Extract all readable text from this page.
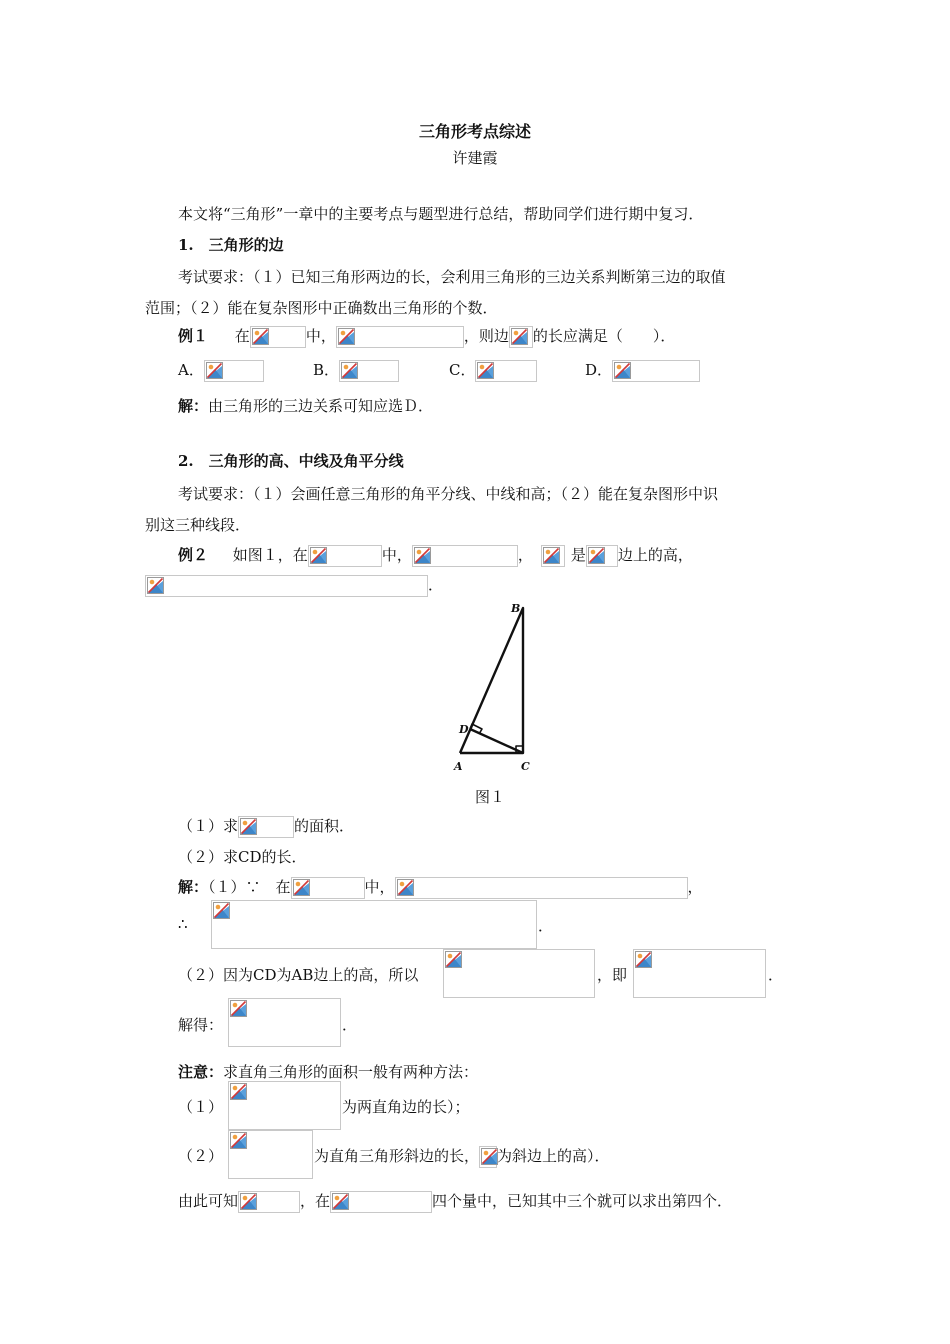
三角形考点综述
许建霞
本文将“三角形”一章中的主要考点与题型进行总结，帮助同学们进行期中复习．
1.　三角形的边
考试要求：（１）已知三角形两边的长，会利用三角形的三边关系判断第三边的取值
范围；（２）能在复杂图形中正确数出三角形的个数．
例１ 在	中，	，则边 的长应满足（　　）．
A．	B．	C．	D．
解：由三角形的三边关系可知应选Ｄ．
2.　三角形的高、中线及角平分线
考试要求：（１）会画任意三角形的角平分线、中线和高；（２）能在复杂图形中识
别这三种线段．
例２ 如图１，在	中，	，	是 边上的高，
．
B
D
A	C
图１
（１）求	的面积．
（２）求CD的长．
解：（１）∵　在	中，	，
∴	．
（２）因为CD为AB边上的高，所以	，即	．
解得：	．
注意：求直角三角形的面积一般有两种方法：
（１）	为两直角边的长）；
（２）	为直角三角形斜边的长， 为斜边上的高）．
由此可知	，在	四个量中，已知其中三个就可以求出第四个．
